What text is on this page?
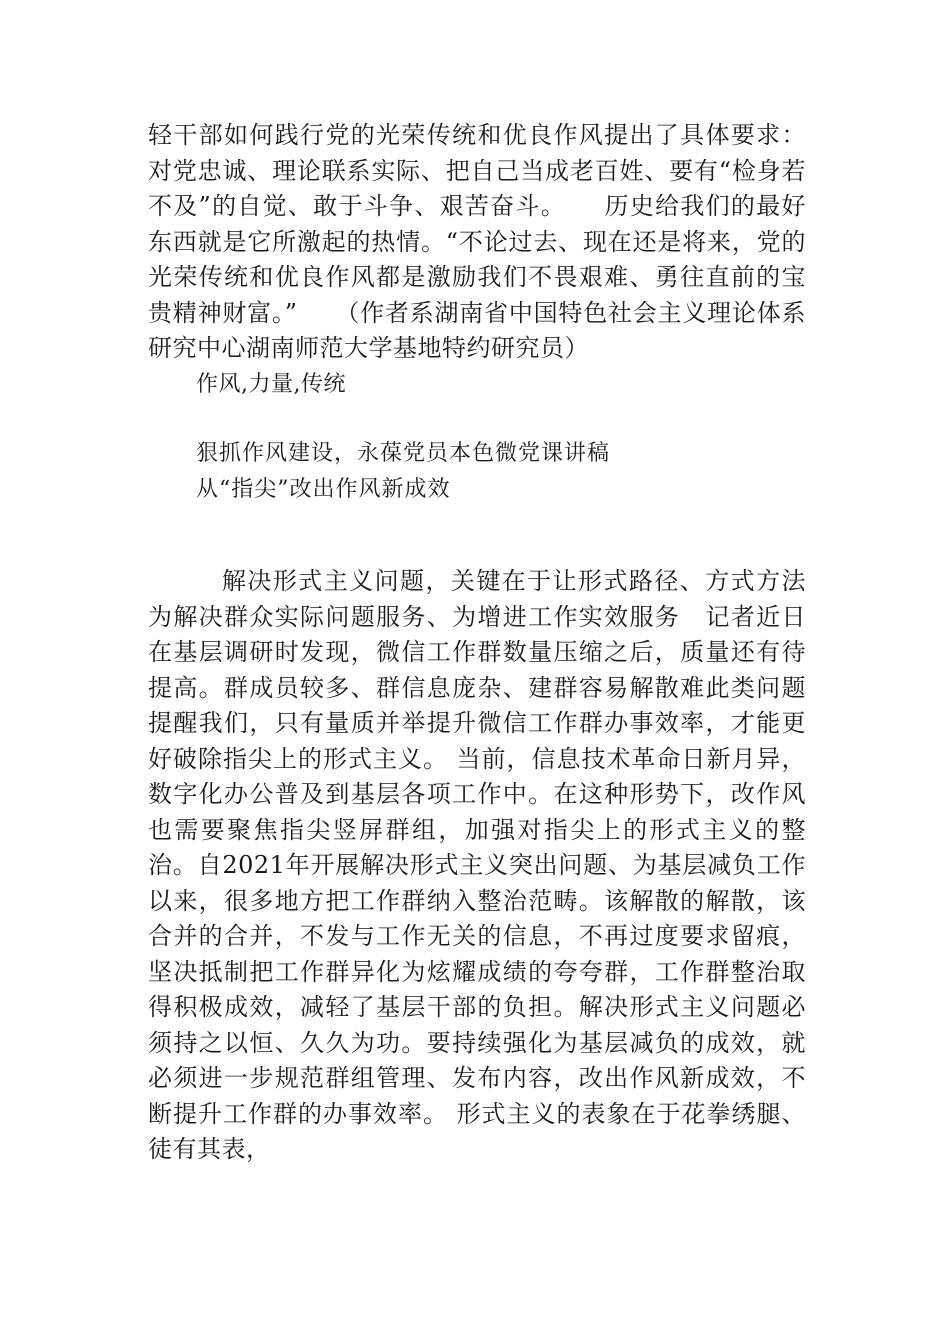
轻干部如何践行党的光荣传统和优良作风提出了具体要求：对党忠诚、理论联系实际、把自己当成老百姓、要有“检身若不及”的自觉、敢于斗争、艰苦奋斗。　　历史给我们的最好东西就是它所激起的热情。“不论过去、现在还是将来，党的光荣传统和优良作风都是激励我们不畏艰难、勇往直前的宝贵精神财富。”　　（作者系湖南省中国特色社会主义理论体系研究中心湖南师范大学基地特约研究员）

作风,力量,传统

狠抓作风建设，永葆党员本色微党课讲稿

从“指尖”改出作风新成效

解决形式主义问题，关键在于让形式路径、方式方法为解决群众实际问题服务、为增进工作实效服务　记者近日在基层调研时发现，微信工作群数量压缩之后，质量还有待提高。群成员较多、群信息庞杂、建群容易解散难此类问题提醒我们，只有量质并举提升微信工作群办事效率，才能更好破除指尖上的形式主义。 当前，信息技术革命日新月异，数字化办公普及到基层各项工作中。在这种形势下，改作风也需要聚焦指尖竖屏群组，加强对指尖上的形式主义的整治。自2021年开展解决形式主义突出问题、为基层减负工作以来，很多地方把工作群纳入整治范畴。该解散的解散，该合并的合并，不发与工作无关的信息，不再过度要求留痕，坚决抵制把工作群异化为炫耀成绩的夸夸群，工作群整治取得积极成效，减轻了基层干部的负担。解决形式主义问题必须持之以恒、久久为功。要持续强化为基层减负的成效，就必须进一步规范群组管理、发布内容，改出作风新成效，不断提升工作群的办事效率。 形式主义的表象在于花拳绣腿、徒有其表，
